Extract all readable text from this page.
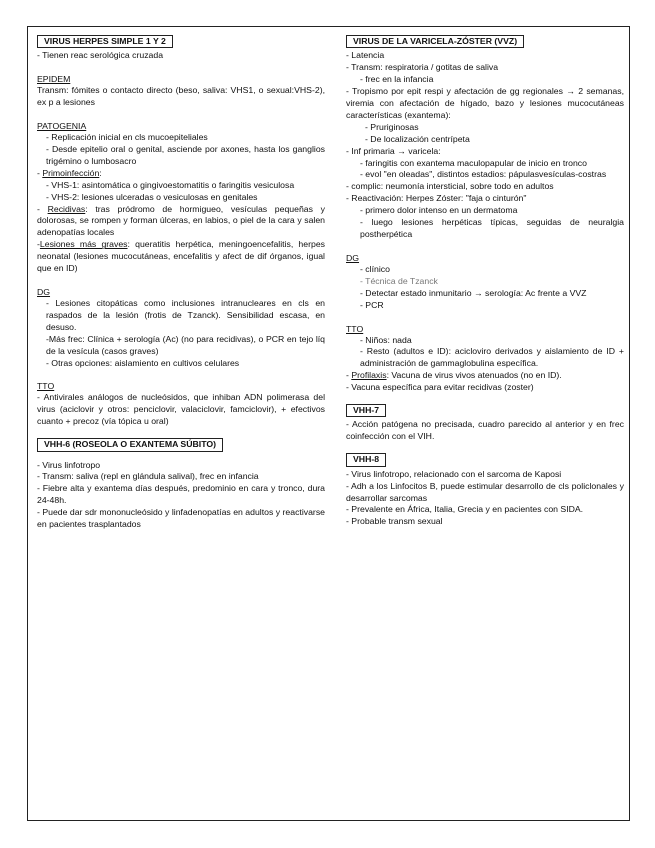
VIRUS HERPES SIMPLE 1 Y 2

- Tienen reac serológica cruzada

EPIDEM

Transm: fómites o contacto directo (beso, saliva: VHS1, o sexual:VHS-2), ex p a lesiones

PATOGENIA

- Replicación inicial en cls mucoepiteliales

- Desde epitelio oral o genital, asciende por axones, hasta los ganglios trigémino o lumbosacro

- Primoinfección:

- VHS-1: asintomática o gingivoestomatitis o faringitis vesiculosa

- VHS-2: lesiones ulceradas o vesiculosas en genitales

- Recidivas: tras pródromo de hormigueo, vesículas pequeñas y dolorosas, se rompen y forman úlceras, en labios, o piel de la cara y salen adenopatías locales

-Lesiones más graves: queratitis herpética, meningoencefalitis, herpes neonatal (lesiones mucocutáneas, encefalitis y afect de dif órganos, igual que en ID)

DG

- Lesiones citopáticas como inclusiones intranucleares en cls en raspados de la lesión (frotis de Tzanck). Sensibilidad escasa, en desuso.

-Más frec: Clínica + serología (Ac) (no para recidivas), o PCR en tejo líq de la vesícula (casos graves)

- Otras opciones: aislamiento en cultivos celulares

TTO

- Antivirales análogos de nucleósidos, que inhiban ADN polimerasa del virus (aciclovir y otros: penciclovir, valaciclovir, famciclovir), + efectivos cuanto + precoz (vía tópica u oral)

VHH-6 (ROSEOLA O EXANTEMA SÚBITO)

- Virus linfotropo

- Transm: saliva (repl en glándula salival), frec en infancia

- Fiebre alta y exantema días después, predominio en cara y tronco, dura 24-48h.

- Puede dar sdr mononucleósido y linfadenopatías en adultos y reactivarse en pacientes trasplantados

VIRUS DE LA VARICELA-ZÓSTER (VVZ)

- Latencia

- Transm: respiratoria / gotitas de saliva

- frec en la infancia

- Tropismo por epit respi y afectación de gg regionales → 2 semanas, viremia con afectación de hígado, bazo y lesiones mucocutáneas características (exantema):

- Pruriginosas

- De localización centrípeta

- Inf primaria → varicela:

- faringitis con exantema maculopapular de inicio en tronco

- evol "en oleadas", distintos estadios: pápulasvesículas-costras

- complic: neumonía intersticial, sobre todo en adultos

- Reactivación: Herpes Zóster: "faja o cinturón"

- primero dolor intenso en un dermatoma

- luego lesiones herpéticas típicas, seguidas de neuralgia postherpética

DG

- clínico

- Técnica de Tzanck

- Detectar estado inmunitario → serología: Ac frente a VVZ

- PCR

TTO

- Niños: nada

- Resto (adultos e ID): aciclovirо derivados y aislamiento de ID + administración de gammaglobulina específica.

- Profilaxis: Vacuna de virus vivos atenuados (no en ID).

- Vacuna específica para evitar recidivas (zoster)

VHH-7

- Acción patógena no precisada, cuadro parecido al anterior y en frec coinfección con el VIH.

VHH-8

- Virus linfotropo, relacionado con el sarcoma de Kaposi

- Adh a los Linfocitos B, puede estimular desarrollo de cls policlonales y desarrollar sarcomas

- Prevalente en África, Italia, Grecia y en pacientes con SIDA.

- Probable transm sexual
